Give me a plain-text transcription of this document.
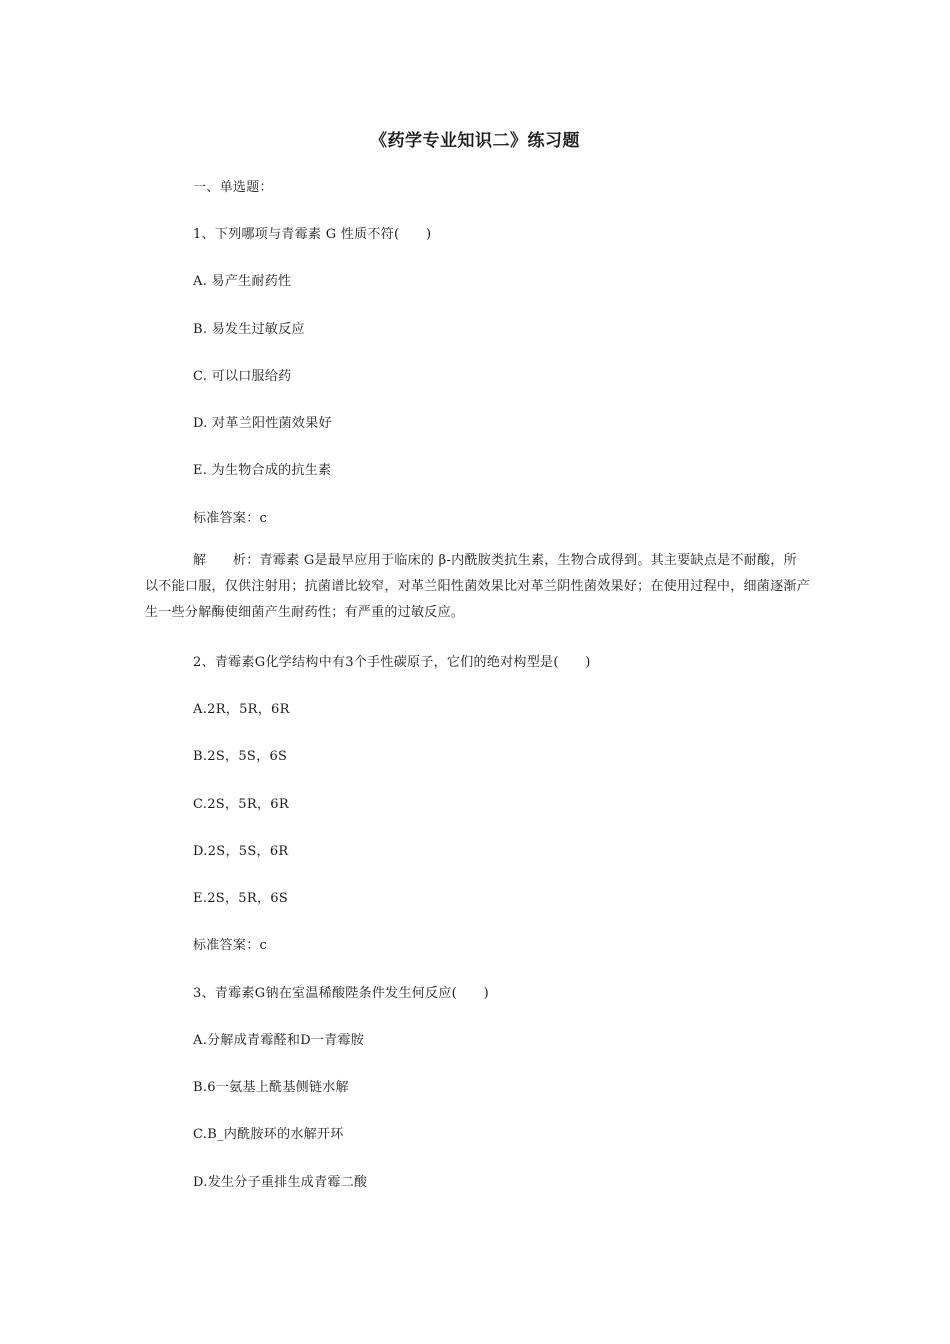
《药学专业知识二》练习题
一、单选题：
1、下列哪项与青霉素 G 性质不符(　　)
A. 易产生耐药性
B. 易发生过敏反应
C. 可以口服给药
D. 对革兰阳性菌效果好
E. 为生物合成的抗生素
标准答案：c
解　　析：青霉素 G是最早应用于临床的 β-内酰胺类抗生素，生物合成得到。其主要缺点是不耐酸，所以不能口服，仅供注射用；抗菌谱比较窄，对革兰阳性菌效果比对革兰阴性菌效果好；在使用过程中，细菌逐渐产生一些分解酶使细菌产生耐药性；有严重的过敏反应。
2、青霉素G化学结构中有3个手性碳原子，它们的绝对构型是(　　)
A.2R，5R，6R
B.2S，5S，6S
C.2S，5R，6R
D.2S，5S，6R
E.2S，5R，6S
标准答案：c
3、青霉素G钠在室温稀酸陛条件发生何反应(　　)
A.分解成青霉醛和D一青霉胺
B.6一氨基上酰基侧链水解
C.B_内酰胺环的水解开环
D.发生分子重排生成青霉二酸
